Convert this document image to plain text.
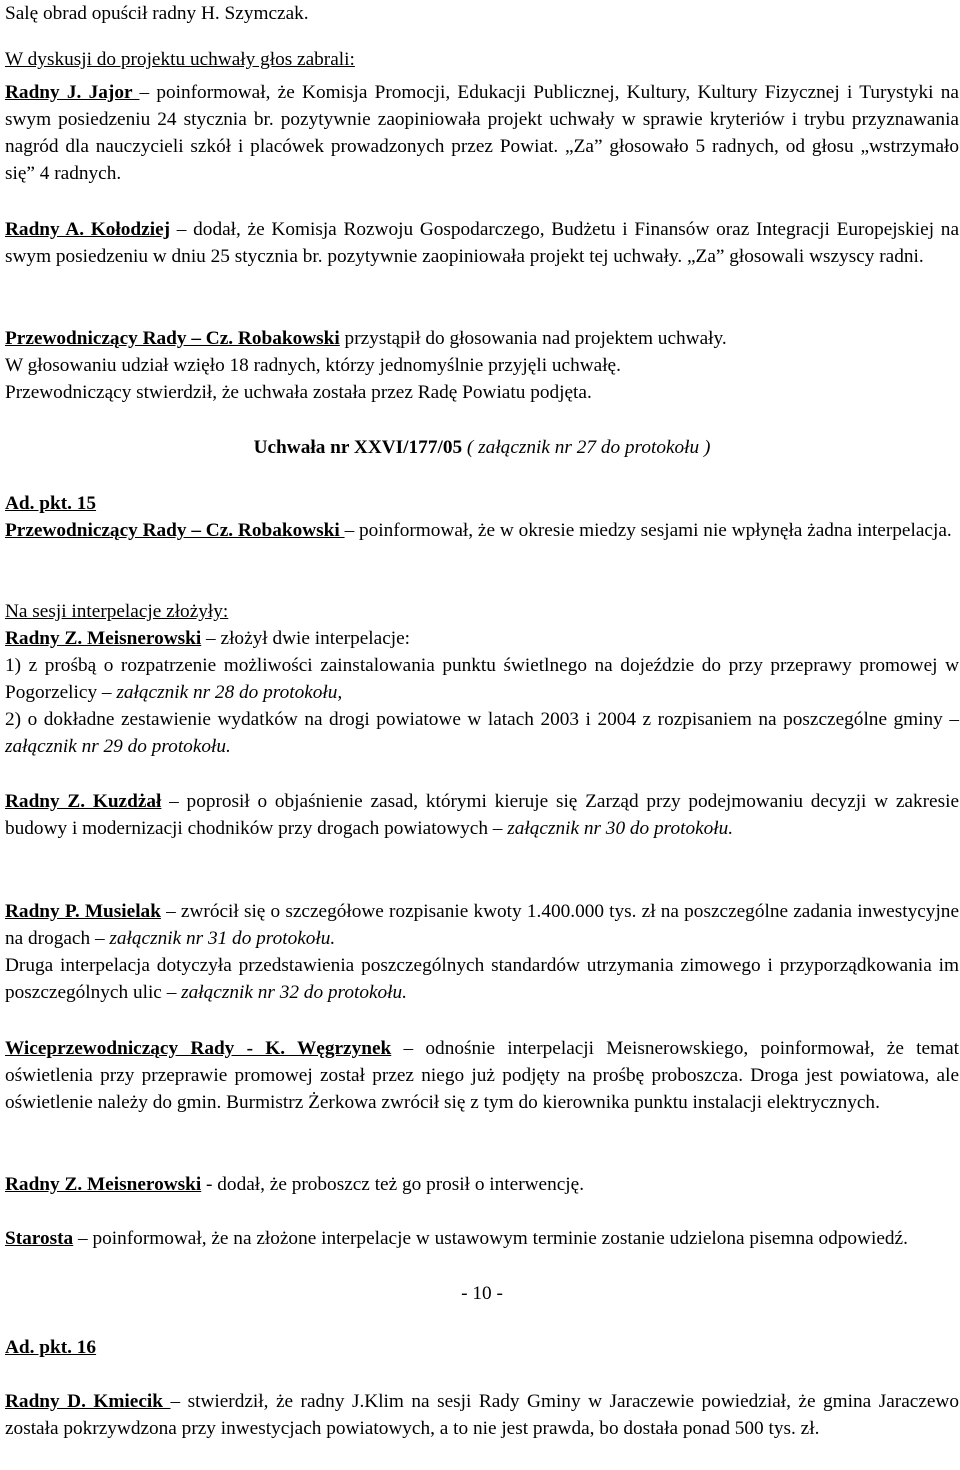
Salę obrad opuścił radny H. Szymczak.
W dyskusji do projektu uchwały głos zabrali:
Radny J. Jajor – poinformował, że Komisja Promocji, Edukacji Publicznej, Kultury, Kultury Fizycznej i Turystyki na swym posiedzeniu 24 stycznia br. pozytywnie zaopiniowała projekt uchwały w sprawie kryteriów i trybu przyznawania nagród dla nauczycieli szkół i placówek prowadzonych przez Powiat. „Za” głosowało 5 radnych, od głosu „wstrzymało się” 4 radnych.
Radny A. Kołodziej – dodał, że Komisja Rozwoju Gospodarczego, Budżetu i Finansów oraz Integracji Europejskiej na swym posiedzeniu w dniu 25 stycznia br. pozytywnie zaopiniowała projekt tej uchwały. „Za” głosowali wszyscy radni.
Przewodniczący Rady – Cz. Robakowski przystąpił do głosowania nad projektem uchwały.
W głosowaniu udział wzięło 18 radnych, którzy jednomyślnie przyjęli uchwałę.
Przewodniczący stwierdził, że uchwała została przez Radę Powiatu podjęta.
Uchwała nr XXVI/177/05 ( załącznik nr 27 do protokołu )
Ad. pkt. 15
Przewodniczący Rady – Cz. Robakowski – poinformował, że w okresie miedzy sesjami nie wpłynęła żadna interpelacja.
Na sesji interpelacje złożyły:
Radny Z. Meisnerowski – złożył dwie interpelacje:
1) z prośbą o rozpatrzenie możliwości zainstalowania punktu świetlnego na dojeździe do przy przeprawy promowej w Pogorzelicy – załącznik nr 28 do protokołu,
2) o dokładne zestawienie wydatków na drogi powiatowe w latach 2003 i 2004 z rozpisaniem na poszczególne gminy – załącznik nr 29 do protokołu.
Radny Z. Kuzdżał – poprosił o objaśnienie zasad, którymi kieruje się Zarząd przy podejmowaniu decyzji w zakresie budowy i modernizacji chodników przy drogach powiatowych – załącznik nr 30 do protokołu.
Radny P. Musielak – zwrócił się o szczegółowe rozpisanie kwoty 1.400.000 tys. zł na poszczególne zadania inwestycyjne na drogach – załącznik nr 31 do protokołu.
Druga interpelacja dotyczyła przedstawienia poszczególnych standardów utrzymania zimowego i przyporządkowania im poszczególnych ulic – załącznik nr 32 do protokołu.
Wiceprzewodniczący Rady - K. Węgrzynek – odnośnie interpelacji Meisnerowskiego, poinformował, że temat oświetlenia przy przeprawie promowej został przez niego już podjęty na prośbę proboszcza. Droga jest powiatowa, ale oświetlenie należy do gmin. Burmistrz Żerkowa zwrócił się z tym do kierownika punktu instalacji elektrycznych.
Radny Z. Meisnerowski - dodał, że proboszcz też go prosił o interwencję.
Starosta – poinformował, że na złożone interpelacje w ustawowym terminie zostanie udzielona pisemna odpowiedź.
- 10 -
Ad. pkt. 16
Radny D. Kmiecik – stwierdził, że radny J.Klim na sesji Rady Gminy w Jaraczewie powiedział, że gmina Jaraczewo została pokrzywdzona przy inwestycjach powiatowych, a to nie jest prawda, bo dostała ponad 500 tys. zł.
